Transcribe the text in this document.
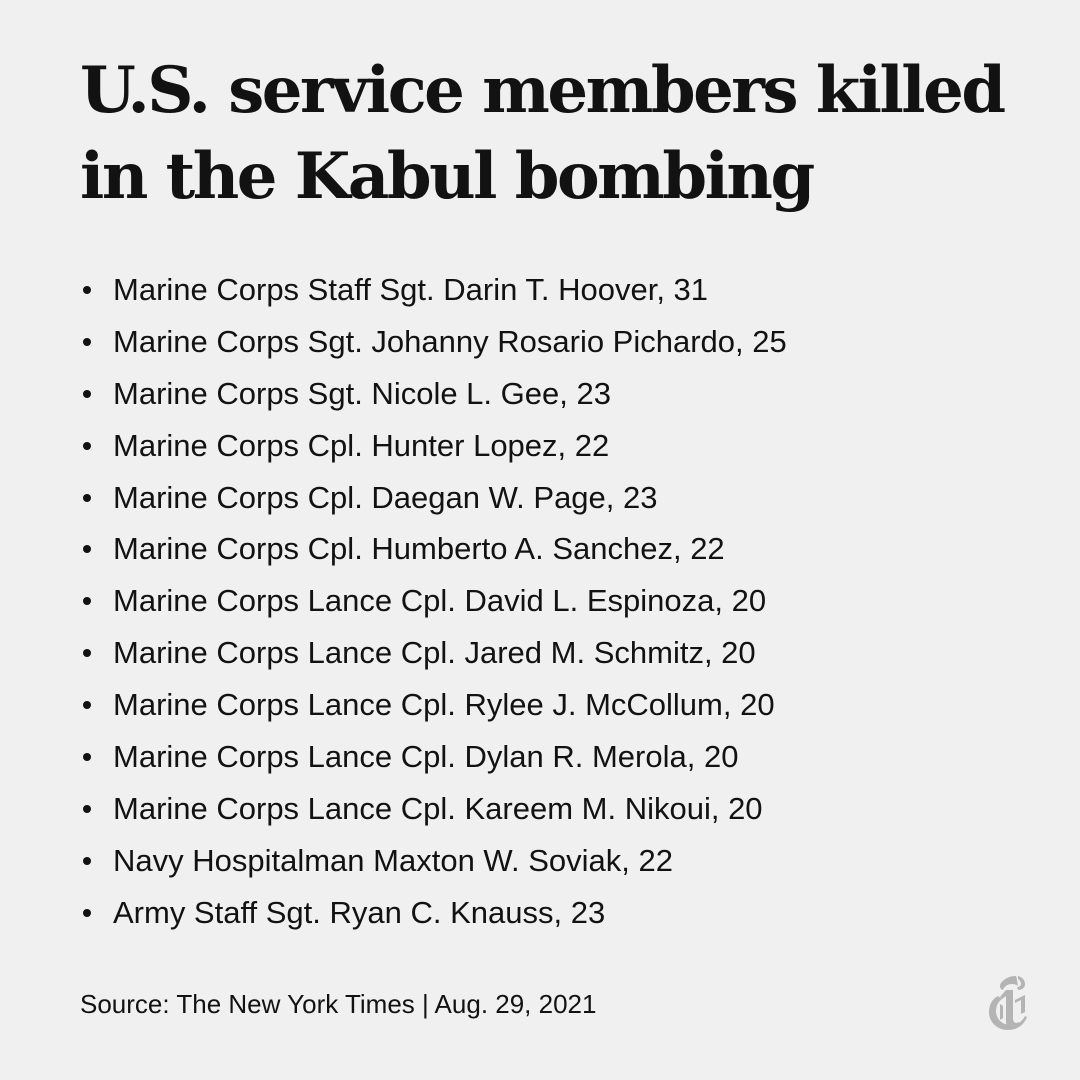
U.S. service members killed
in the Kabul bombing
Marine Corps Staff Sgt. Darin T. Hoover, 31
Marine Corps Sgt. Johanny Rosario Pichardo, 25
Marine Corps Sgt. Nicole L. Gee, 23
Marine Corps Cpl. Hunter Lopez, 22
Marine Corps Cpl. Daegan W. Page, 23
Marine Corps Cpl. Humberto A. Sanchez, 22
Marine Corps Lance Cpl. David L. Espinoza, 20
Marine Corps Lance Cpl. Jared M. Schmitz, 20
Marine Corps Lance Cpl. Rylee J. McCollum, 20
Marine Corps Lance Cpl. Dylan R. Merola, 20
Marine Corps Lance Cpl. Kareem M. Nikoui, 20
Navy Hospitalman Maxton W. Soviak, 22
Army Staff Sgt. Ryan C. Knauss, 23
Source: The New York Times | Aug. 29, 2021
